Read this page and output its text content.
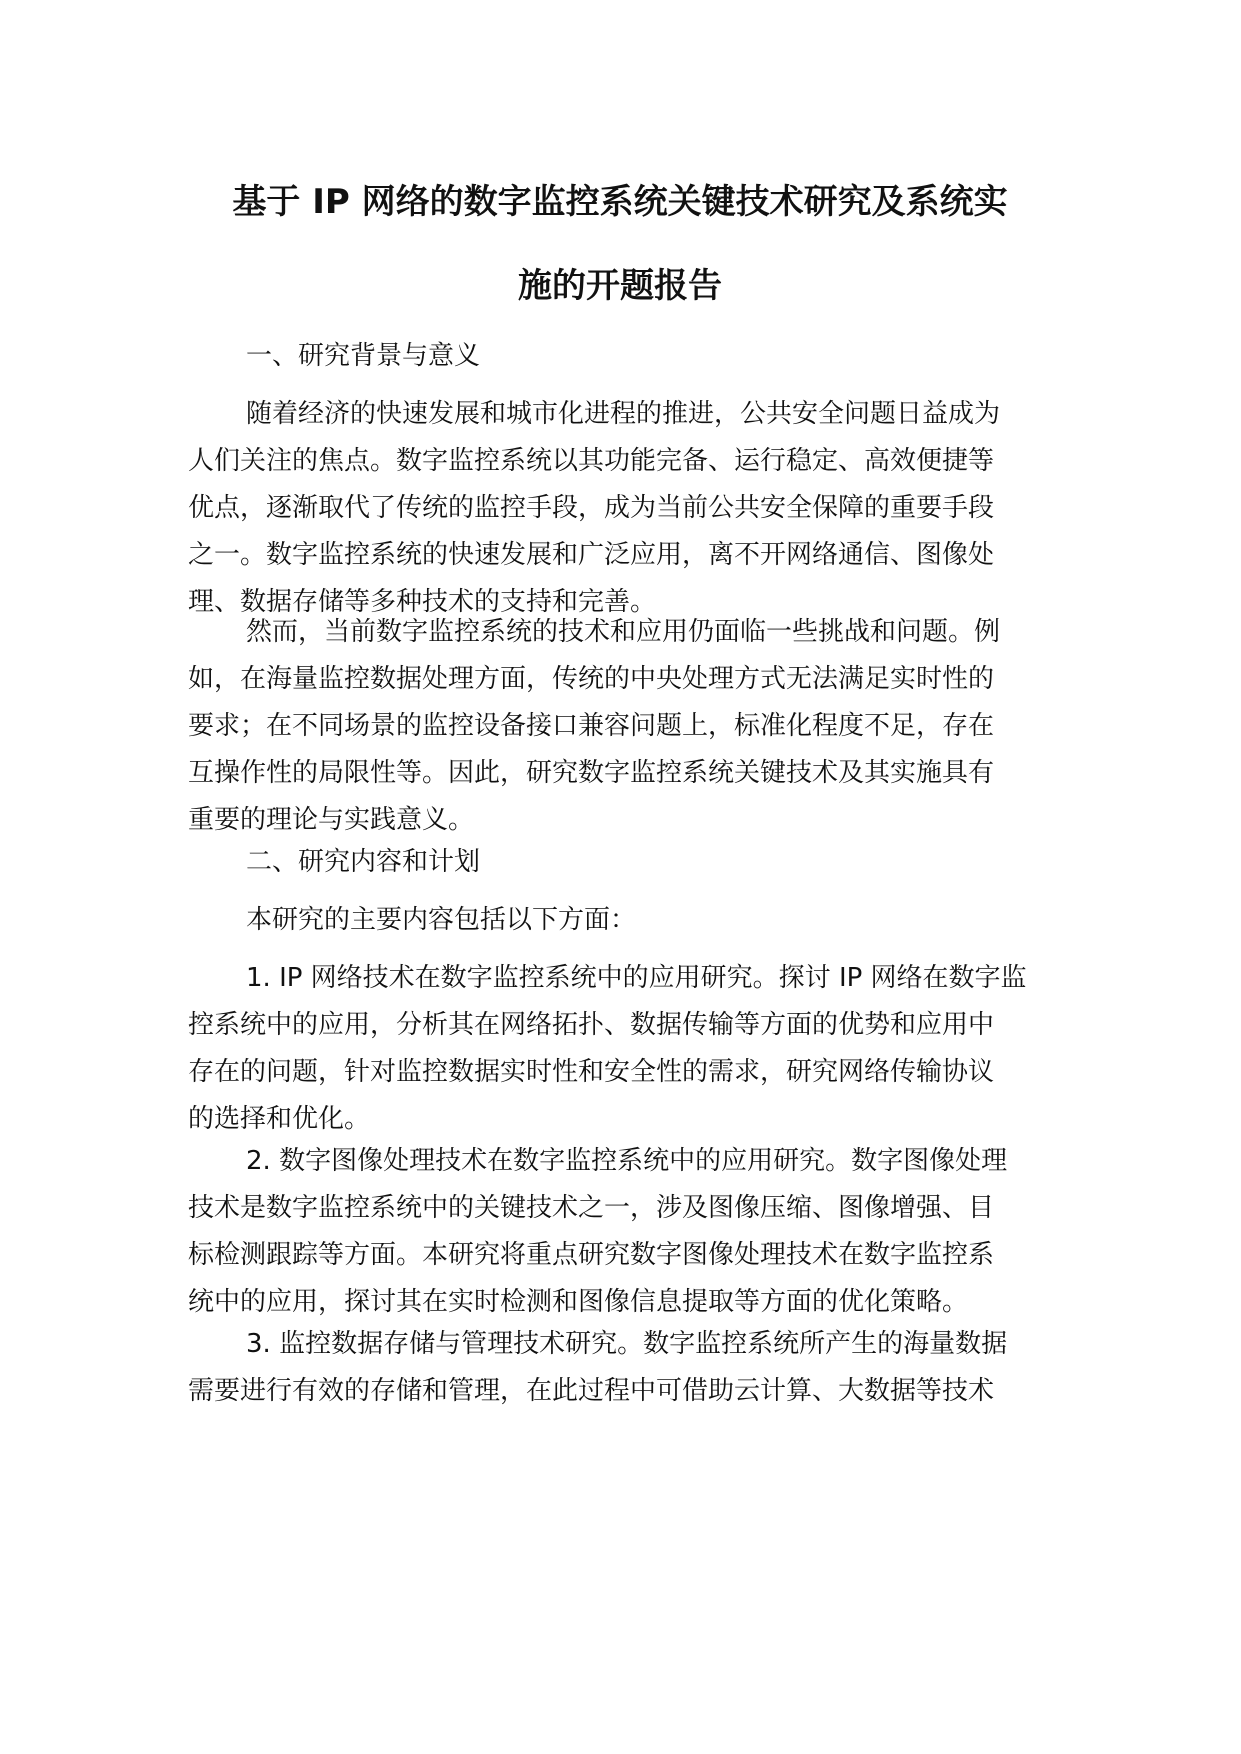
基于 IP 网络的数字监控系统关键技术研究及系统实
施的开题报告
一、研究背景与意义
随着经济的快速发展和城市化进程的推进，公共安全问题日益成为
人们关注的焦点。数字监控系统以其功能完备、运行稳定、高效便捷等
优点，逐渐取代了传统的监控手段，成为当前公共安全保障的重要手段
之一。数字监控系统的快速发展和广泛应用，离不开网络通信、图像处
理、数据存储等多种技术的支持和完善。
然而，当前数字监控系统的技术和应用仍面临一些挑战和问题。例
如，在海量监控数据处理方面，传统的中央处理方式无法满足实时性的
要求；在不同场景的监控设备接口兼容问题上，标准化程度不足，存在
互操作性的局限性等。因此，研究数字监控系统关键技术及其实施具有
重要的理论与实践意义。
二、研究内容和计划
本研究的主要内容包括以下方面：
1. IP 网络技术在数字监控系统中的应用研究。探讨 IP 网络在数字监
控系统中的应用，分析其在网络拓扑、数据传输等方面的优势和应用中
存在的问题，针对监控数据实时性和安全性的需求，研究网络传输协议
的选择和优化。
2. 数字图像处理技术在数字监控系统中的应用研究。数字图像处理
技术是数字监控系统中的关键技术之一，涉及图像压缩、图像增强、目
标检测跟踪等方面。本研究将重点研究数字图像处理技术在数字监控系
统中的应用，探讨其在实时检测和图像信息提取等方面的优化策略。
3. 监控数据存储与管理技术研究。数字监控系统所产生的海量数据
需要进行有效的存储和管理，在此过程中可借助云计算、大数据等技术
